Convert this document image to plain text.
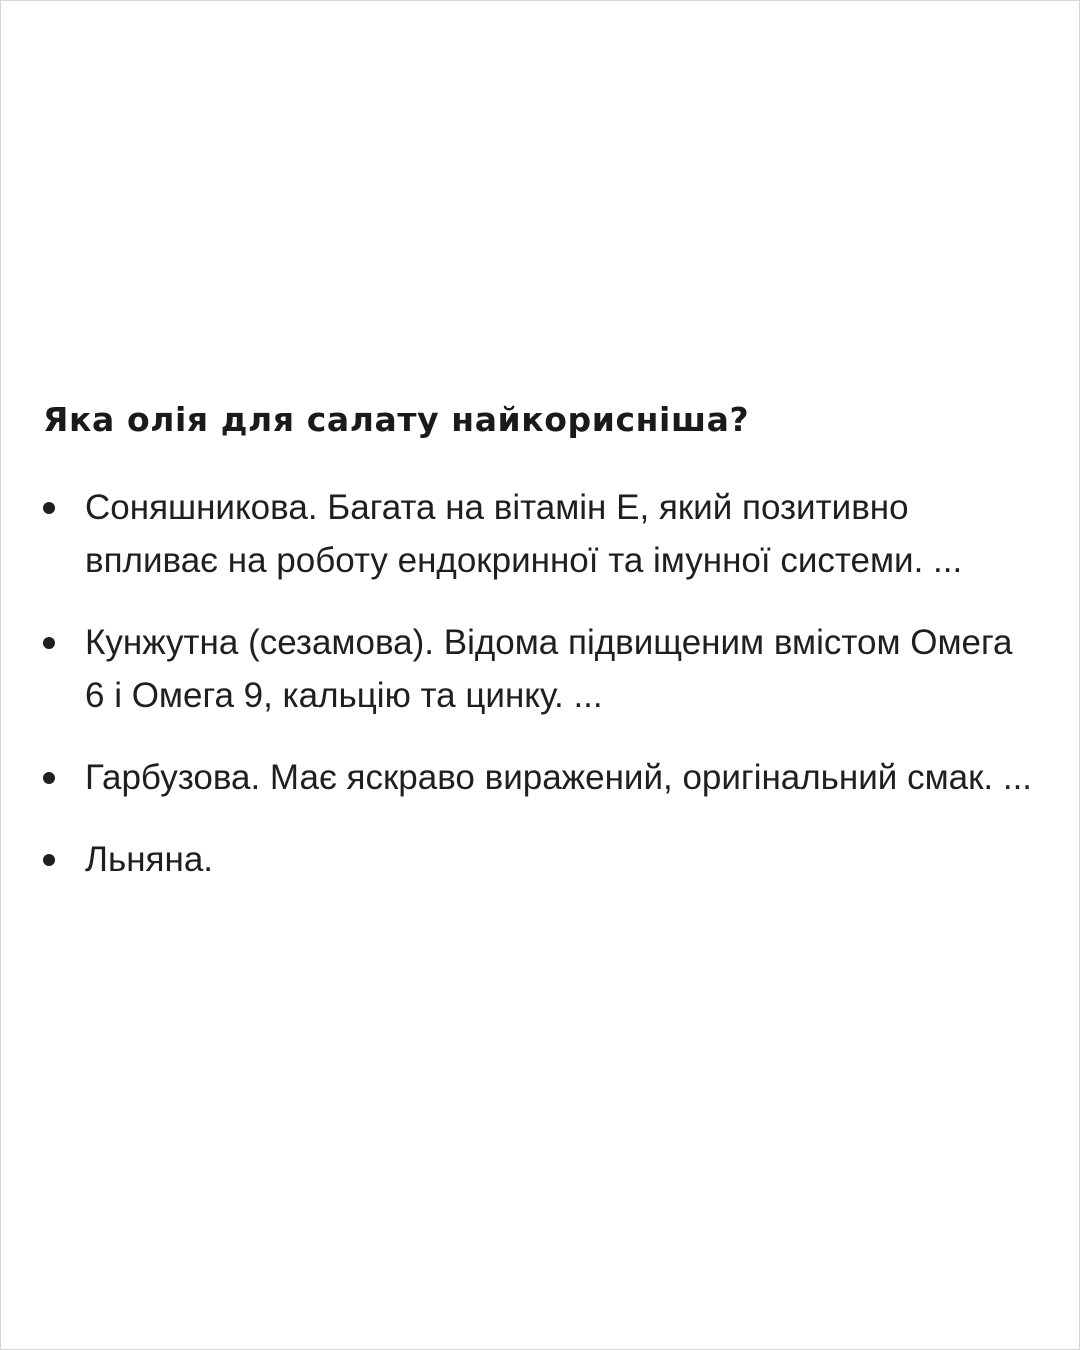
Яка олія для салату найкорисніша?
Соняшникова. Багата на вітамін Е, який позитивно впливає на роботу ендокринної та імунної системи. ...
Кунжутна (сезамова). Відома підвищеним вмістом Омега 6 і Омега 9, кальцію та цинку. ...
Гарбузова. Має яскраво виражений, оригінальний смак. ...
Льняна.
